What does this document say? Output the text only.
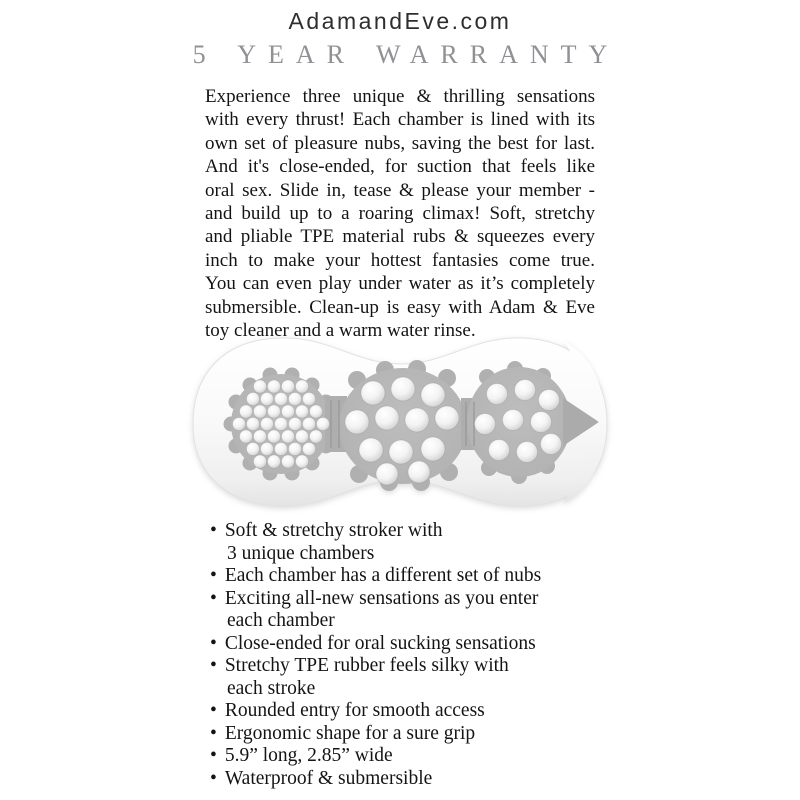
AdamandEve.com
5 YEAR WARRANTY
Experience three unique & thrilling sensations
with every thrust! Each chamber is lined with its
own set of pleasure nubs, saving the best for last.
And it's close-ended, for suction that feels like
oral sex. Slide in, tease & please your member -
and build up to a roaring climax! Soft, stretchy
and pliable TPE material rubs & squeezes every
inch to make your hottest fantasies come true.
You can even play under water as it’s completely
submersible. Clean-up is easy with Adam & Eve
toy cleaner and a warm water rinse.
• Soft & stretchy stroker with
3 unique chambers
• Each chamber has a different set of nubs
• Exciting all-new sensations as you enter
each chamber
• Close-ended for oral sucking sensations
• Stretchy TPE rubber feels silky with
each stroke
• Rounded entry for smooth access
• Ergonomic shape for a sure grip
• 5.9” long, 2.85” wide
• Waterproof & submersible
